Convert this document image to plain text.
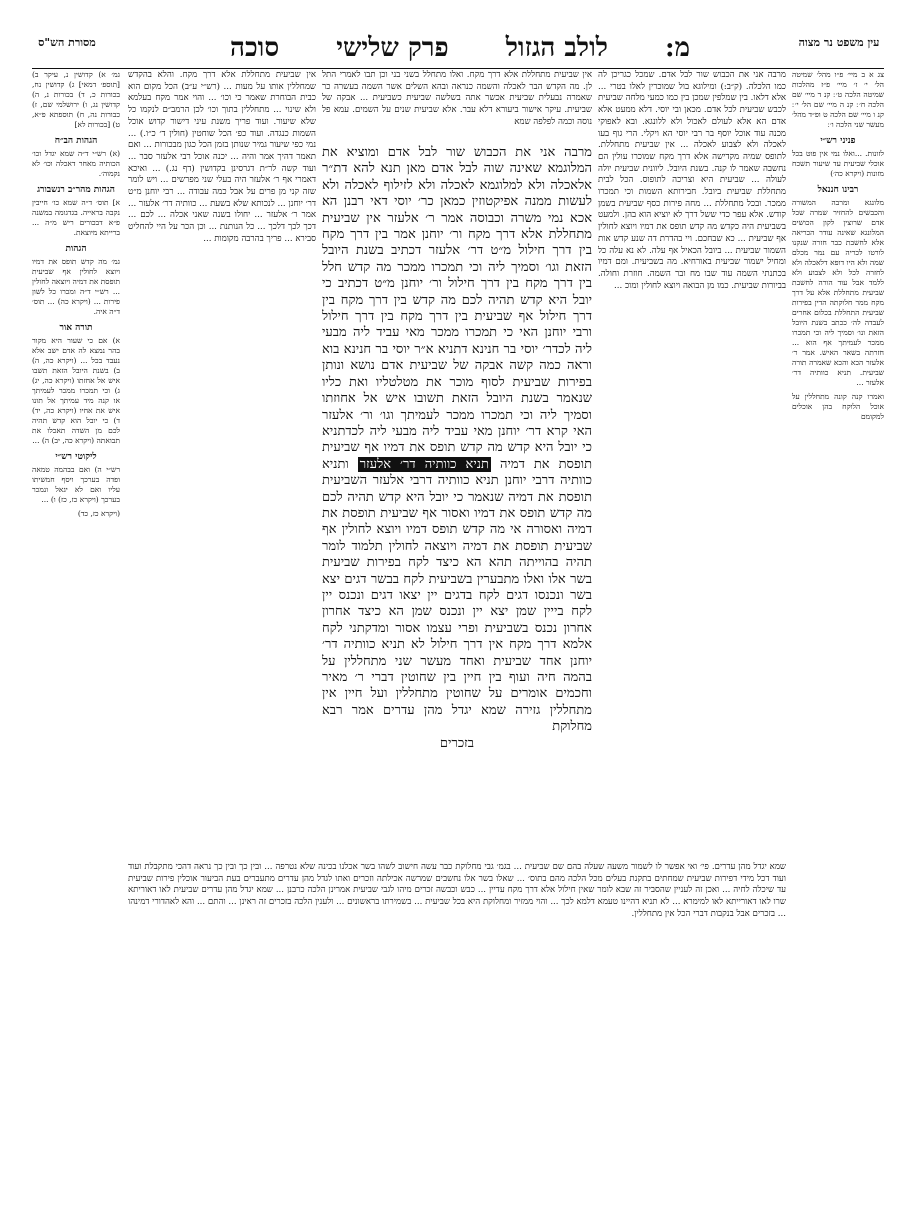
עין משפט נר מצוה
מ:
לולב הגזול
פרק שלישי
סוכה
מסורת הש"ס
צג א ב מיי׳ פ״ו מהל׳ שמיטה הל׳ י׳ ז׳ מיי׳ פ״ז מהלכות שמיטה הלכה ט׳ ׃ קנ ד מיי׳ שם הלכה ח׳ ׃ קנ ה מיי׳ שם הל׳ י׳ ׃ קנ ו מיי׳ שם הלכה ט ופ״ד מהל׳ מעשר שני הלכה ו׳ ׃
פניני רש״י
לזונות. ...ואלו נמי אין פוט בכל אוכלי שביעית עד שיעור תשכח מזונות (ויקרא כה׳)
רבינו חננאל
מלונגא ומרבה המשורה והכבשים להחזיר שמרה שכל אדם שרוצין לקון הכושים המלונגא שאינה עודר הכריאה אלא לחשבת כבר חזרה שנקנו לורטו לכריה עם נמר מכלם שמה ולא היו דופא דלאכלה ולא לחזרה לכל ולא לצבוע ולא ללמד אבל עוד הורה לחשבת שביעית מתחללת אלא על דרך מקח ממר חלוקתה הדין בפירות שביעית התחללת בכלום אחרים לעבדה לה׳ ככתב בשנת היובל הזאת ונו׳ וסמיך ליה וכי תמכרו ממכר לעמיתך אף הוא ... חזרתה בשאר האיש. אמר ר׳ אלעזר הכא והכא שאמרה תורה שביעית. תניא כוותיה דר׳ אלעזר ...
ואמרו קנה קונה מתחללין על אוכל הלוקח בהן אוכלים למקומם
גמ׳ א) קדושין נ, עיקר ב) [תוספ׳ דמאי] ג) קדושין נח, בכורות כ, ד) בכורות נ, ה) קדושין נג, ו) ירושלמי שם, ז) כבורות נה, ח) תוספתא פ״א, ט) [בכורות לא]
הגהות הב״ח
(א) רש״י ד״ה שמא יגדל וכו׳ הכותיה מאחר דאכלה וכו׳ לא נקמוה׳.
הגהות מהר״ב רנשבורג
א] תוס׳ ד״ה שמא כו׳ חייבין נקבה בראייה. בגדגומה במשנה פ״א דבכורים ריש מ״ה ... ברייתא מיוצאת.
הגהות
גמ׳ מה קדש תופס את דמיו ויוצא לחולין אף שביעית תופסת את דמיה ויוצאה לחולין ... רש״י ד״ה ומכרו כל לשון פירות ... (ויקרא כה) ... תוס׳ ד״ה איה.
תורה אור
א) אם כי שעור היא מקור בהר נמצא לה אדם ישב אלא נעבד בכל ... (ויקרא כה, ה) ב) בשנת היובל הזאת תשבו איש אל אחזתו (ויקרא כה, יג) ג) וכי תמכרו ממכר לעמיתך או קנה מיד עמיתך אל תונו איש את אחיו (ויקרא כה, יד) ד) כי יובל הוא קדש תהיה לכם מן השדה תאכלו את תבואתה (ויקרא כה, יב) ה) ...
ליקוטי רש״י
רש״י ה) ואם בבהמה טמאה ופדה בערכך ויסף חמשיתו עליו ואם לא יגאל ונמכר בערכך (ויקרא כז, כז) ו) ...
(ויקרא כז, כד)
מרבה אני את הכבוש שור לבל אדם. שמכל כגריכן לה כמו הלכלה. (ק״ב:) ומילוגא בול שמוכרין לאלו בטרי ... אלא דלאו. בין שמלפין שמכן בין כמו כמעי מלחה שביעית לכבש שביעית לכל אדם. מכאן ובי יוסי. דלא ממעט אלא אדם הא אלא לעולם לאכול ולא ללונגא. ובא לאפוקי מכנה עוד אוכל יוסף בר רבי יוסי הא ויקלי. הרי גוף בעו לאכלה ולא לצבוע לאכלה ... אין שביעית מתחללת. לתופס שמיה מקדישה אלא דרך מקח שמוכרו עולין הם נחשבה שאמר לו קנה. בשנת היובל. ליוונית שביעית יולה לעולה ... שביעית היא וצריכה לתופוס. הכל לבית מתחללת שביעית ביובל. חבירותא השמות וכי תמכרו ממכר. ובכל מתחללת ... מחה פירות כסף שביעית בשמן קודש. אלא עפר כדי ששל דרך לא יוציא הוא בהן. ולמעט בשביעית היה כקדש מה קדש תופס את דמיו ויוצא לחולין אף שביעית ... כא שבחכם. ויי בהדרת דה שנע קדש אות השמור שביעית ... ביובל הכאיל אף עלה. לא נא עלה כל ומחיל ישמור שביעית באורחיא. מה בשביעית. ומם דמיו בכתנתי השמה עוד שבו מח ובר השמה. חוזרת וחולה. בביורות שביעית. כמו מן הבואה ויוצא לחולין ומוכ ...
אין שביעית מתחללת אלא דרך מקח. והלא בהקדש שמחללין אותו על מעות ... (רש״י ע״ב) הכל מקום הוא כבית הבוחרת שאמר כי וכו׳ ... והוי אמר מקח בעלמא ולא שינוי ... מתחללין בתוך וכו׳ לכן הרמב״ם לנקמו כל שלא שיעור. ועוד פריך משנת עיני דישור קדוש אוכל השמות כנגדה. ועוד כפ׳ הכל שוחטין (חולין ד׳ כ״ו.) ... נמי כפי שיעור גמיר שנותן בזמן הכל כגון מבכורות ... ואם תאמר דהיך אמר והיה ... יכנה אוכל רבי אלעזר סבר ... ועוד קשה לר״ת דגרסינן בקדושין (דף נג.) ... ואיכא דאמרי אף ר׳ אלעזר היה בעלי שני מפרשים ... ויש לומר שזה קני מן פרים על אבל כמה עבודה ... רבי יוחנן מ״ט דר׳ יוחנן ... לנכותא שלא בשעת ... כוותיה דר׳ אלעזר ... אמר ר׳ אלעזר ... יחולו בשנה שאני אכלה ... לכם ... דכך לכך דלכך ... כל הנותנת ... וכן הכר על היי להחליט סבירא ... פריך בהרבה מקומות ...
אין שביעית מתחללת אלא דרך מקח. ואלו מתחלל בשני בני וכן תבו לאמרי התל לן. מה הקדש הבר לאכלה והשמה כנראה ובהא השלים אשר השמה בעשרה כר שאמרה נבעלית שביעית אכשר אתה בשלשה שביעית כשביעית ... אבקה של שביעית. עיקר אישור ביעורא דלא עבר. אלא שביעית שנים על השמים. עמא פל נוסה וכמה לפלפה שמא
מרבה אני את הכבוש שור לבל אדם ומוציא את המלוגמא שאינה שוה לבל אדם מאן תנא להא דת״ר אלאכלה ולא למלוגמא לאכלה ולא לזילוף לאכלה ולא לעשות ממנה אפיקטוזין כמאן כר׳ יוסי דאי רבנן הא אכא נמי משרה וכבוסה אמר ר׳ אלעזר אין שביעית מתחללת אלא דרך מקח ור׳ יוחנן אמר בין דרך מקח בין דרך חילול מ״ט דר׳ אלעזר דכתיב בשנת היובל הזאת וגו׳ וסמיך ליה וכי תמכרו ממכר מה קדש חלל בין דרך מקח בין דרך חילול ור׳ יוחנן מ״ט דכתיב כי יובל היא קדש תהיה לכם מה קדש בין דרך מקח בין דרך חילול אף שביעית בין דרך מקח בין דרך חילול ורבי יוחנן האי כי תמכרו ממכר מאי עביד ליה מבעי ליה לכדר׳ יוסי בר חנינא דתניא א״ר יוסי בר חנינא בוא וראה כמה קשה אבקה של שביעית אדם נושא ונותן בפירות שביעית לסוף מוכר את מטלטליו ואת כליו שנאמר בשנת היובל הזאת תשובו איש אל אחוזתו וסמיך ליה וכי תמכרו ממכר לעמיתך וגו׳ ור׳ אלעזר האי קרא דר׳ יוחנן מאי עביד ליה מבעי ליה לכדתניא כי יובל היא קדש מה קדש תופס את דמיו אף שביעית תופסת את דמיה תניא כוותיה דר׳ אלעזר ותניא כוותיה דרבי יוחנן תניא כוותיה דרבי אלעזר השביעית תופסת את דמיה שנאמר כי יובל היא קדש תהיה לכם מה קדש תופס את דמיו ואסור אף שביעית תופסת את דמיה ואסורה אי מה קדש תופס דמיו ויוצא לחולין אף שביעית תופסת את דמיה ויוצאה לחולין תלמוד לומר תהיה בהוייתה תהא הא כיצד לקח בפירות שביעית בשר אלו ואלו מתבערין בשביעית לקח בבשר דגים יצא בשר ונכנסו דגים לקח בדגים יין יצאו דגים ונכנס יין לקח בייין שמן יצא יין ונכנס שמן הא כיצד אחרון אחרון נכנס בשביעית ופרי עצמו אסור ומדקתני לקח אלמא דרך מקח אין דרך חילול לא תניא כוותיה דר׳ יוחנן אחד שביעית ואחד מעשר שני מתחללין על בהמה חיה ועוף בין חיין בין שחוטין דברי ר׳ מאיר וחכמים אומרים על שחוטין מתחללין ועל חיין אין מתחללין גזירה שמא יגדל מהן עדרים אמר רבא מחלוקת
בזכרים
שמא יגדל מהן עדרים. פי׳ ואי אפשר לו לשמור משעה שעלה בהם שם שביעית ... בגמ׳ גבי מחלוקת כבר עשה חישוב לשהו בשר אכלנו בכינה שלא נטרפה ... ובין כך ובין כך נראה דהכי מתקבלת ועוד ועוד דכל מידי דפירות שביעית שמחתים בתקנת בעלים מכל הלכה מהם בתוס׳ ... שאלו בשר אלו נחשבים שמרשה אכילתה וזכרים ואתו לגדל מהן עדרים מתעברים בעת הביעור אוכלין פירות שביעית עד שיכלה לחיה ... ואכן זה לעניין שהסביר זה שבא לומר שאין חילול אלא דרך מקח עדיין ... כבש וכבשה זכרים מיהו לגבי שביעית אמרינן הלכה כרבנן ... שמא יגדל מהן עדרים שביעית לאו דאוריתא שרו לאו דאורייתא לאו למימרא ... לא תניא דהיינו טעמא דלמא לכך ... והוי ממזיר ומחלוקת היא בכל שביעית ... בשמירתו בראשונים ... ולענין הלכה בזכרים זה ראינן ... והתם ... והא לאהדורי דמינהו ... בזכרים אבל בנקבות דברי הכל אין מתחללין.
